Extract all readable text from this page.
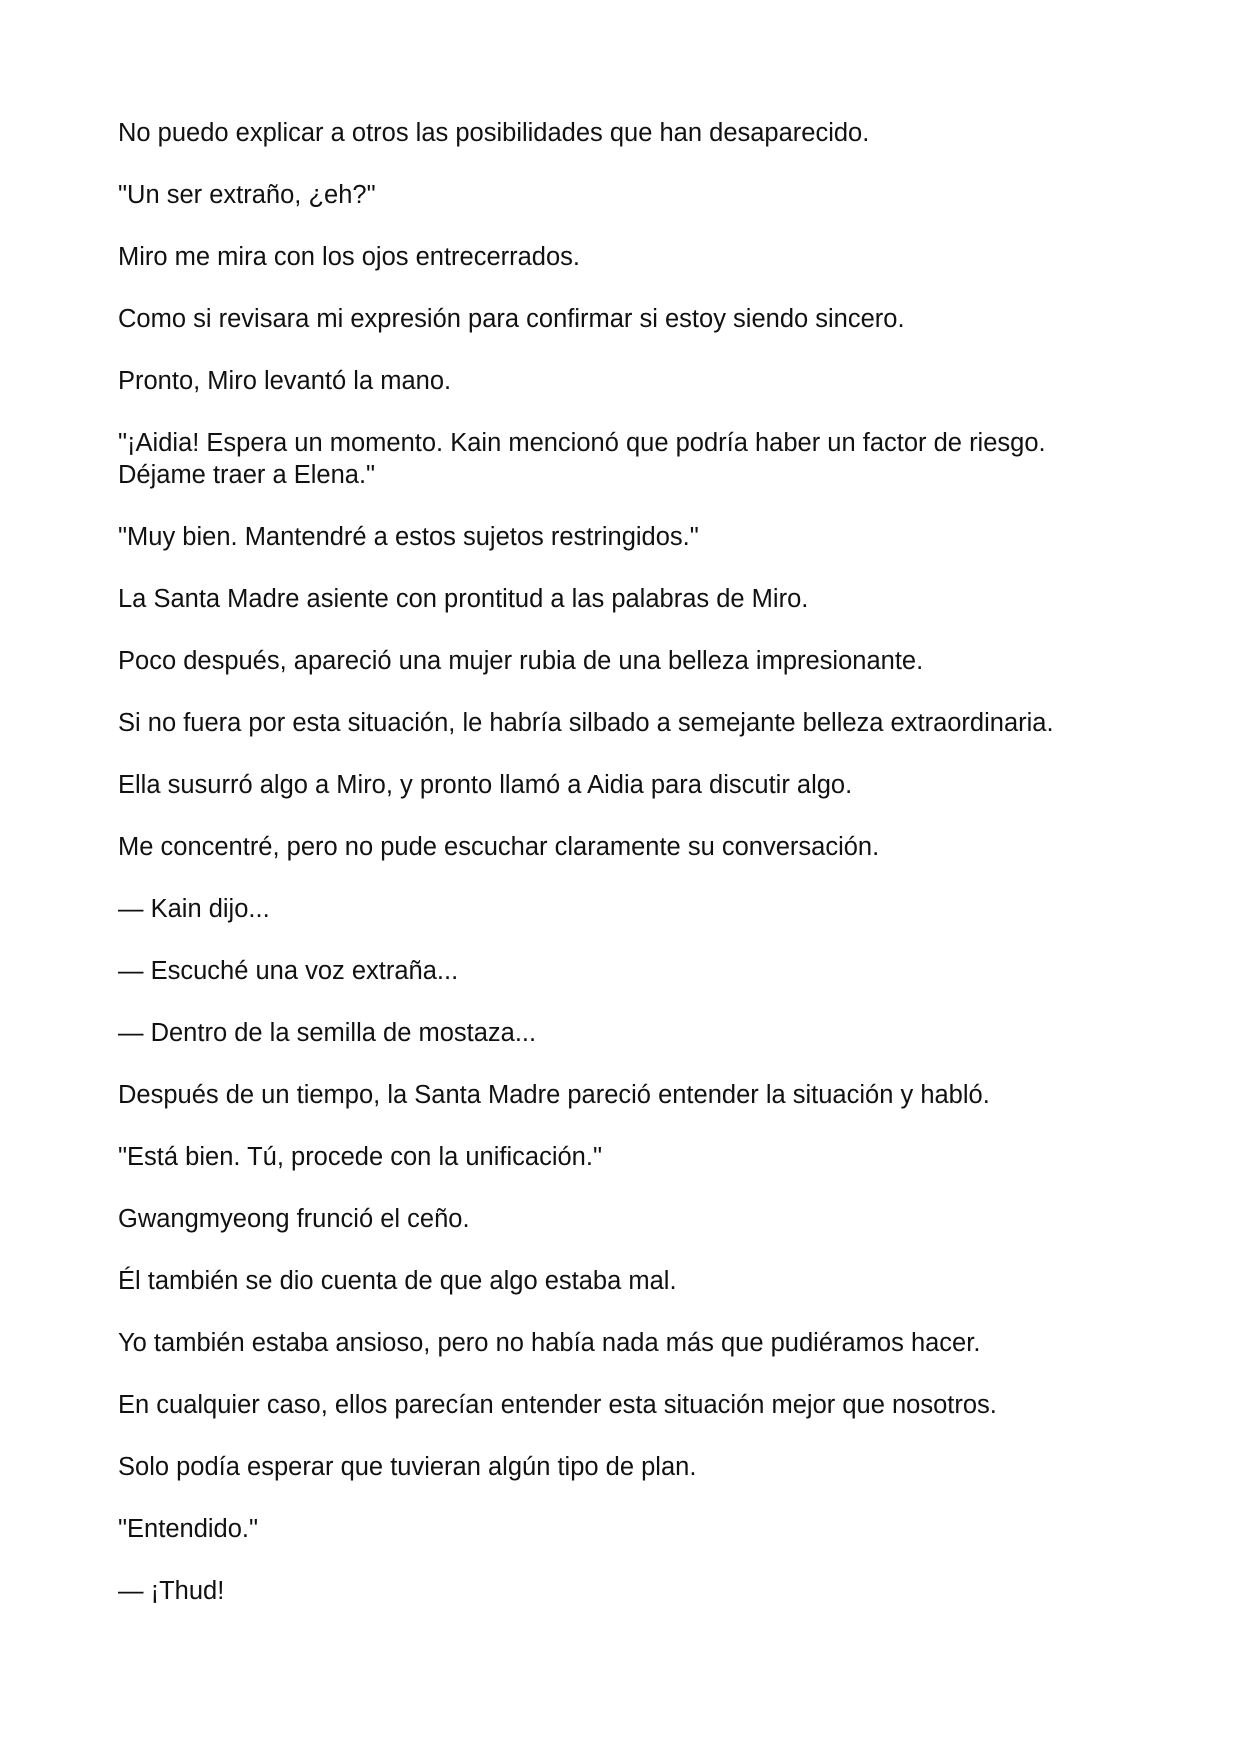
No puedo explicar a otros las posibilidades que han desaparecido.

"Un ser extraño, ¿eh?"

Miro me mira con los ojos entrecerrados.

Como si revisara mi expresión para confirmar si estoy siendo sincero.

Pronto, Miro levantó la mano.

"¡Aidia! Espera un momento. Kain mencionó que podría haber un factor de riesgo. Déjame traer a Elena."

"Muy bien. Mantendré a estos sujetos restringidos."

La Santa Madre asiente con prontitud a las palabras de Miro.

Poco después, apareció una mujer rubia de una belleza impresionante.

Si no fuera por esta situación, le habría silbado a semejante belleza extraordinaria.

Ella susurró algo a Miro, y pronto llamó a Aidia para discutir algo.

Me concentré, pero no pude escuchar claramente su conversación.

— Kain dijo...

— Escuché una voz extraña...

— Dentro de la semilla de mostaza...

Después de un tiempo, la Santa Madre pareció entender la situación y habló.

"Está bien. Tú, procede con la unificación."

Gwangmyeong frunció el ceño.

Él también se dio cuenta de que algo estaba mal.

Yo también estaba ansioso, pero no había nada más que pudiéramos hacer.

En cualquier caso, ellos parecían entender esta situación mejor que nosotros.

Solo podía esperar que tuvieran algún tipo de plan.

"Entendido."

— ¡Thud!
